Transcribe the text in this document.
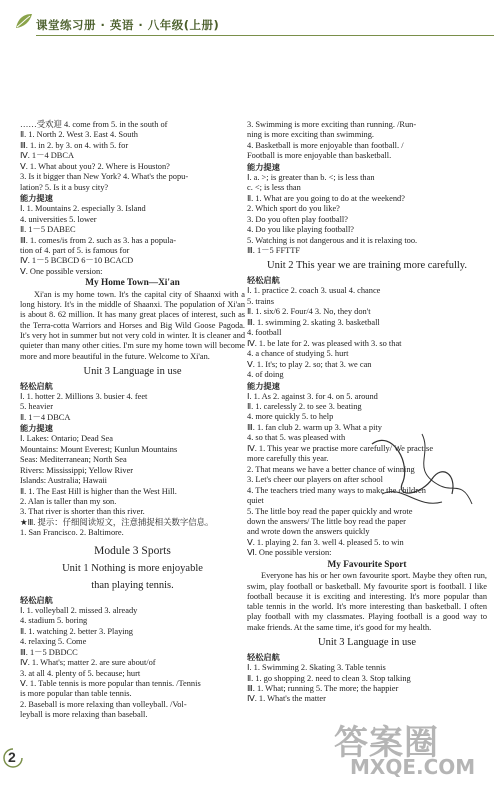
课堂练习册 · 英语 · 八年级(上册)
……受欢迎 4. come from 5. in the south of
Ⅱ. 1. North 2. West 3. East 4. South
Ⅲ. 1. in 2. by 3. on 4. with 5. for
Ⅳ. 1－4 DBCA
Ⅴ. 1. What about you? 2. Where is Houston?
3. Is it bigger than New York? 4. What's the popu-
lation? 5. Is it a busy city?
能力提速
Ⅰ. 1. Mountains 2. especially 3. Island
4. universities 5. lower
Ⅱ. 1－5 DABEC
Ⅲ. 1. comes/is from 2. such as 3. has a popula-
tion of 4. part of 5. is famous for
Ⅳ. 1－5 BCBCD 6－10 BCACD
Ⅴ. One possible version:
My Home Town—Xi'an
Xi'an is my home town. It's the capital city of Shaanxi with a long history. It's in the middle of Shaanxi. The population of Xi'an is about 8. 62 million. It has many great places of interest, such as the Terra-cotta Warriors and Horses and Big Wild Goose Pagoda. It's very hot in summer but not very cold in winter. It is cleaner and quieter than many other cities. I'm sure my home town will become more and more beautiful in the future. Welcome to Xi'an.
Unit 3 Language in use
轻松启航
Ⅰ. 1. hotter 2. Millions 3. busier 4. feet
5. heavier
Ⅱ. 1－4 DBCA
能力提速
Ⅰ. Lakes: Ontario; Dead Sea
Mountains: Mount Everest; Kunlun Mountains
Seas: Mediterranean; North Sea
Rivers: Mississippi; Yellow River
Islands: Australia; Hawaii
Ⅱ. 1. The East Hill is higher than the West Hill.
2. Alan is taller than my son.
3. That river is shorter than this river.
★Ⅲ. 提示：仔细阅读短文，注意捕捉相关数字信息。
1. San Francisco. 2. Baltimore.
Module 3 Sports
Unit 1 Nothing is more enjoyable
than playing tennis.
轻松启航
Ⅰ. 1. volleyball 2. missed 3. already
4. stadium 5. boring
Ⅱ. 1. watching 2. better 3. Playing
4. relaxing 5. Come
Ⅲ. 1－5 DBDCC
Ⅳ. 1. What's; matter 2. are sure about/of
3. at all 4. plenty of 5. because; hurt
Ⅴ. 1. Table tennis is more popular than tennis. /Tennis
is more popular than table tennis.
2. Baseball is more relaxing than volleyball. /Vol-
leyball is more relaxing than baseball.
3. Swimming is more exciting than running. /Run-
ning is more exciting than swimming.
4. Basketball is more enjoyable than football. /
Football is more enjoyable than basketball.
能力提速
Ⅰ. a. >; is greater than b. <; is less than
c. <; is less than
Ⅱ. 1. What are you going to do at the weekend?
2. Which sport do you like?
3. Do you often play football?
4. Do you like playing football?
5. Watching is not dangerous and it is relaxing too.
Ⅲ. 1－5 FFTTF
Unit 2 This year we are training more carefully.
轻松启航
Ⅰ. 1. practice 2. coach 3. usual 4. chance
5. trains
Ⅱ. 1. six/6 2. Four/4 3. No, they don't
Ⅲ. 1. swimming 2. skating 3. basketball
4. football
Ⅳ. 1. be late for 2. was pleased with 3. so that
4. a chance of studying 5. hurt
Ⅴ. 1. It's; to play 2. so; that 3. we can
4. of doing
能力提速
Ⅰ. 1. As 2. against 3. for 4. on 5. around
Ⅱ. 1. carelessly 2. to see 3. beating
4. more quickly 5. to help
Ⅲ. 1. fan club 2. warm up 3. What a pity
4. so that 5. was pleased with
Ⅳ. 1. This year we practise more carefully/ We practise
more carefully this year.
2. That means we have a better chance of winning
3. Let's cheer our players on after school
4. The teachers tried many ways to make the children
quiet
5. The little boy read the paper quickly and wrote
down the answers/ The little boy read the paper
and wrote down the answers quickly
Ⅴ. 1. playing 2. fan 3. well 4. pleased 5. to win
Ⅵ. One possible version:
My Favourite Sport
Everyone has his or her own favourite sport. Maybe they often run, swim, play football or basketball. My favourite sport is football. I like football because it is exciting and interesting. It's more popular than table tennis in the world. It's more interesting than basketball. I often play football with my classmates. Playing football is a good way to make friends. At the same time, it's good for my health.
Unit 3 Language in use
轻松启航
Ⅰ. 1. Swimming 2. Skating 3. Table tennis
Ⅱ. 1. go shopping 2. need to clean 3. Stop talking
Ⅲ. 1. What; running 5. The more; the happier
Ⅳ. 1. What's the matter
2	答案圈
MXQE.COM
